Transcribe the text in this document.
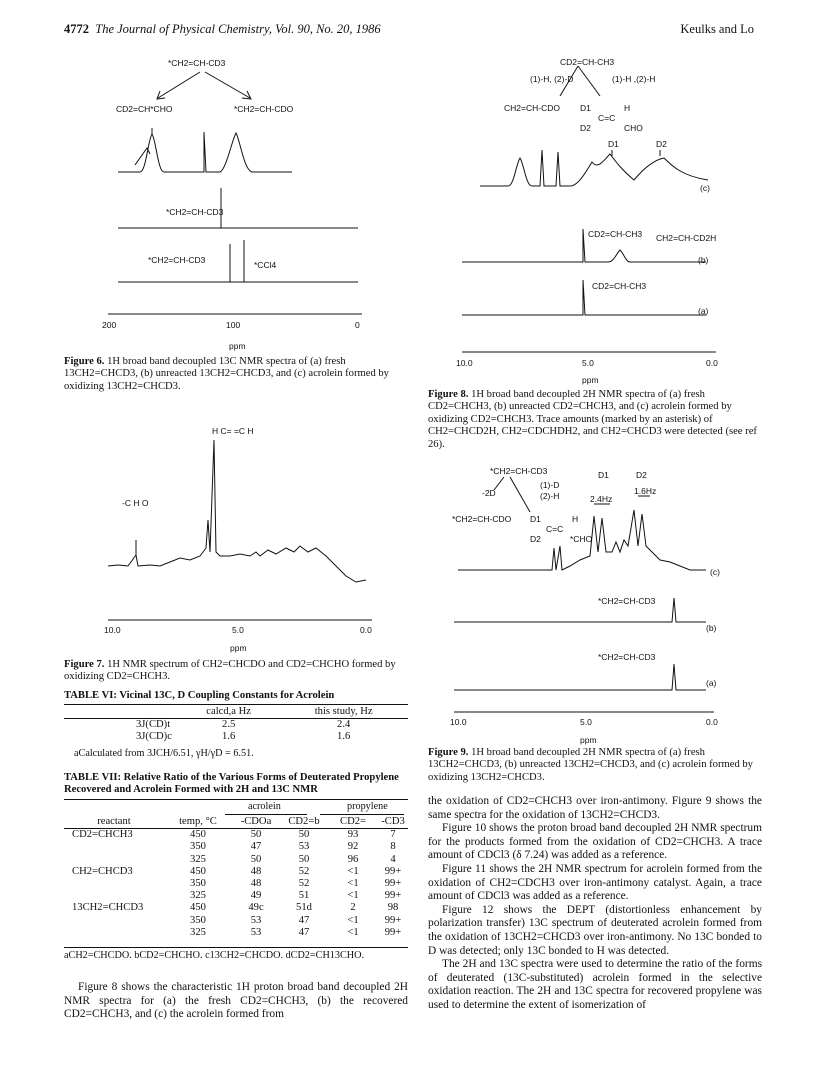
4772 The Journal of Physical Chemistry, Vol. 90, No. 20, 1986	Keulks and Lo
*CH2=CH-CD3
CD2=CH*CHO	*CH2=CH-CDO
*CH2=CH-CD3
*CH2=CH-CD3	*CCl4
200	100	0
ppm
Figure 6. 1H broad band decoupled 13C NMR spectra of (a) fresh 13CH2=CHCD3, (b) unreacted 13CH2=CHCD3, and (c) acrolein formed by oxidizing 13CH2=CHCD3.
H C= =C H
-C H O
10.0	5.0	0.0
ppm
Figure 7. 1H NMR spectrum of CH2=CHCDO and CD2=CHCHO formed by oxidizing CD2=CHCH3.
TABLE VI: Vicinal 13C, D Coupling Constants for Acrolein
	calcd,a Hz	this study, Hz
3J(CD)t	2.5	2.4
3J(CD)c	1.6	1.6
aCalculated from 3JCH/6.51, γH/γD = 6.51.
TABLE VII: Relative Ratio of the Various Forms of Deuterated Propylene Recovered and Acrolein Formed with 2H and 13C NMR
acrolein	propylene
reactant	temp, °C	-CDOa	CD2=b	CD2=	-CD3
CD2=CHCH3	450	50	50	93	7
	350	47	53	92	8
	325	50	50	96	4
CH2=CHCD3	450	48	52	<1	99+
	350	48	52	<1	99+
	325	49	51	<1	99+
13CH2=CHCD3	450	49c	51d	2	98
	350	53	47	<1	99+
	325	53	47	<1	99+
aCH2=CHCDO. bCD2=CHCHO. c13CH2=CHCDO. dCD2=CH13CHO.
Figure 8 shows the characteristic 1H proton broad band decoupled 2H NMR spectra for (a) the fresh CD2=CHCH3, (b) the recovered CD2=CHCH3, and (c) the acrolein formed from
CD2=CH-CH3
(1)-H, (2)-D	(1)-H ,(2)-H
CH2=CH-CDO D1	H
C=C
D2	CHO
D1	D2
(c)
CD2=CH-CH3 CH2=CH-CD2H
(b)
CD2=CH-CH3
(a)
10.0	5.0	0.0
ppm
Figure 8. 1H broad band decoupled 2H NMR spectra of (a) fresh CD2=CHCH3, (b) unreacted CD2=CHCH3, and (c) acrolein formed by oxidizing CD2=CHCH3. Trace amounts (marked by an asterisk) of CH2=CHCD2H, CH2=CDCHDH2, and CH2=CHCD3 were detected (see ref 26).
*CH2=CH-CD3
-2D
(1)-D
(2)-H
*CH2=CH-CDO D1	H
C=C
D2	*CHO
D1	D2
2.4Hz
1.6Hz
(c)
*CH2=CH-CD3
(b)
*CH2=CH-CD3
(a)
10.0	5.0	0.0
ppm
Figure 9. 1H broad band decoupled 2H NMR spectra of (a) fresh 13CH2=CHCD3, (b) unreacted 13CH2=CHCD3, and (c) acrolein formed by oxidizing 13CH2=CHCD3.
the oxidation of CD2=CHCH3 over iron-antimony. Figure 9 shows the same spectra for the oxidation of 13CH2=CHCD3.
Figure 10 shows the proton broad band decoupled 2H NMR spectrum for the products formed from the oxidation of CD2=CHCH3. A trace amount of CDCl3 (δ 7.24) was added as a reference.
Figure 11 shows the 2H NMR spectrum for acrolein formed from the oxidation of CH2=CDCH3 over iron-antimony catalyst. Again, a trace amount of CDCl3 was added as a reference.
Figure 12 shows the DEPT (distortionless enhancement by polarization transfer) 13C spectrum of deuterated acrolein formed from the oxidation of 13CH2=CHCD3 over iron-antimony. No 13C bonded to D was detected; only 13C bonded to H was detected.
The 2H and 13C spectra were used to determine the ratio of the forms of deuterated (13C-substituted) acrolein formed in the selective oxidation reaction. The 2H and 13C spectra for recovered propylene was used to determine the extent of isomerization of
